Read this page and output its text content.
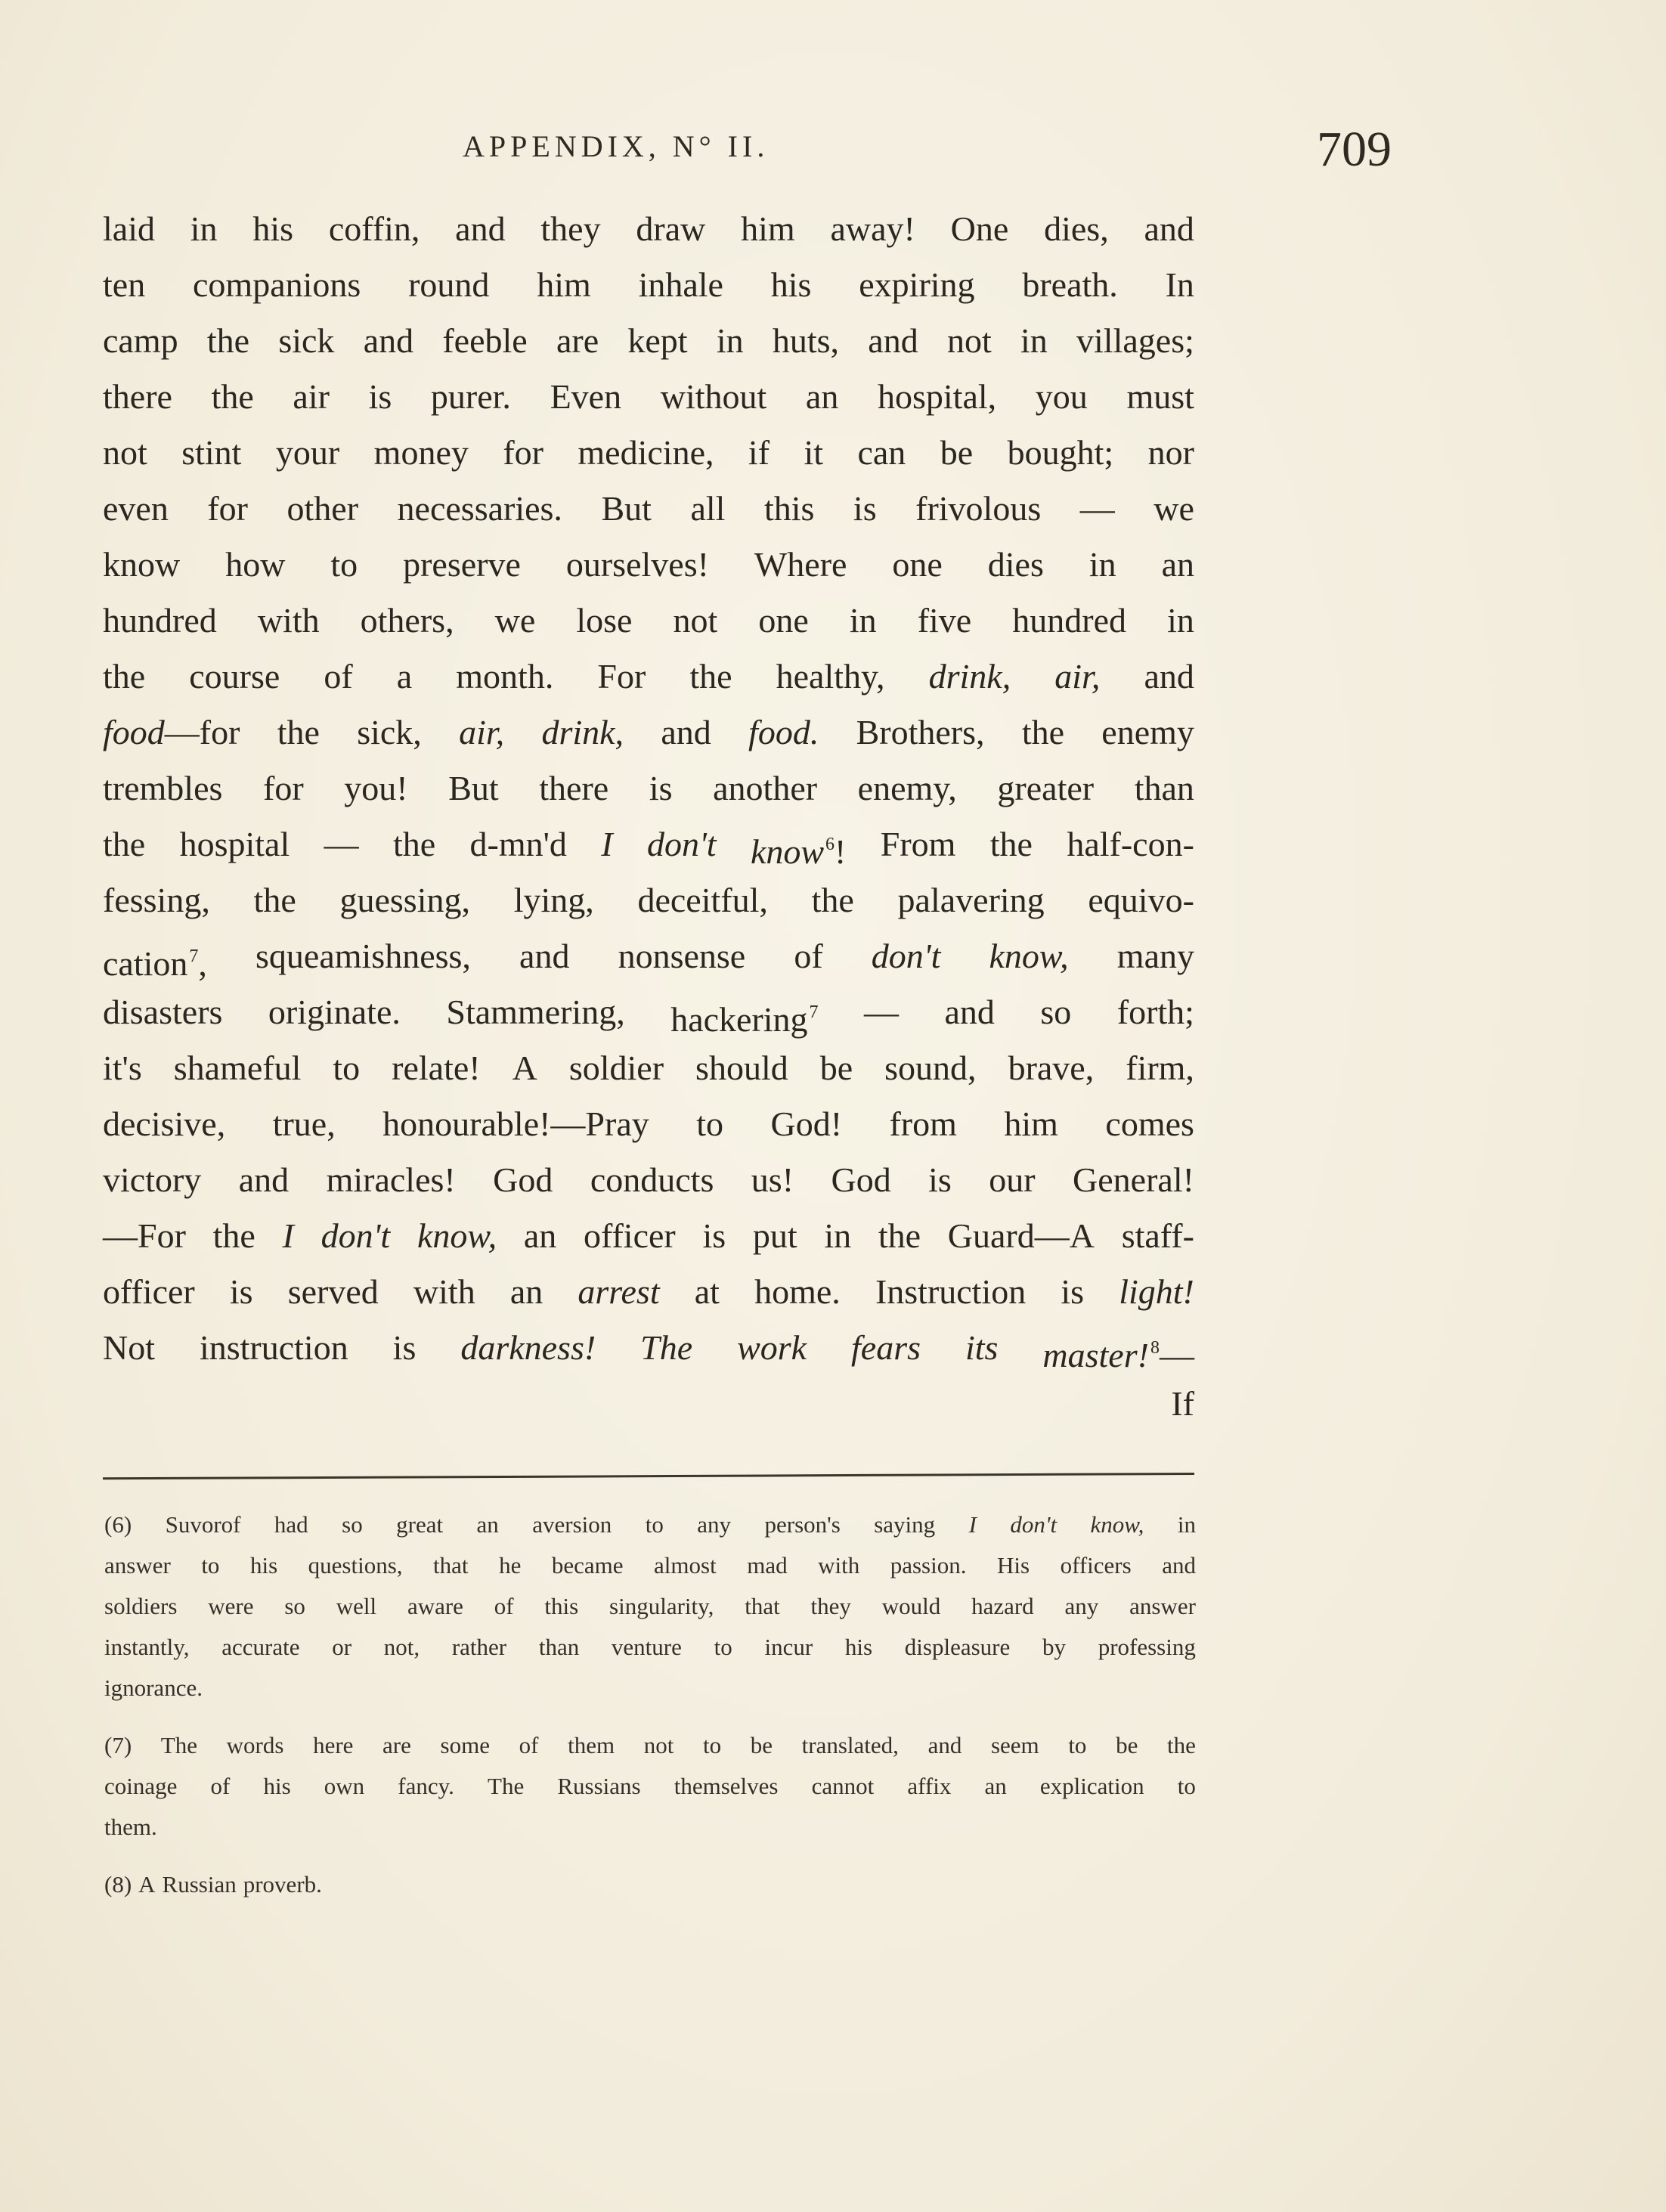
APPENDIX, N° II.	709
laid in his coffin, and they draw him away! One dies, and
ten companions round him inhale his expiring breath. In
camp the sick and feeble are kept in huts, and not in villages;
there the air is purer. Even without an hospital, you must
not stint your money for medicine, if it can be bought; nor
even for other necessaries. But all this is frivolous — we
know how to preserve ourselves! Where one dies in an
hundred with others, we lose not one in five hundred in
the course of a month. For the healthy, drink, air, and
food—for the sick, air, drink, and food. Brothers, the enemy
trembles for you! But there is another enemy, greater than
the hospital — the d-mn'd I don't know$^6$! From the half-con-
fessing, the guessing, lying, deceitful, the palavering equivo-
cation$^7$, squeamishness, and nonsense of don't know, many
disasters originate. Stammering, hackering$^7$ — and so forth;
it's shameful to relate! A soldier should be sound, brave, firm,
decisive, true, honourable!—Pray to God! from him comes
victory and miracles! God conducts us! God is our General!
—For the I don't know, an officer is put in the Guard—A staff-
officer is served with an arrest at home. Instruction is light!
Not instruction is darkness! The work fears its master!$^8$—
If
(6) Suvorof had so great an aversion to any person's saying I don't know, in
answer to his questions, that he became almost mad with passion. His officers and
soldiers were so well aware of this singularity, that they would hazard any answer
instantly, accurate or not, rather than venture to incur his displeasure by professing
ignorance.
(7) The words here are some of them not to be translated, and seem to be the
coinage of his own fancy. The Russians themselves cannot affix an explication to
them.
(8) A Russian proverb.
